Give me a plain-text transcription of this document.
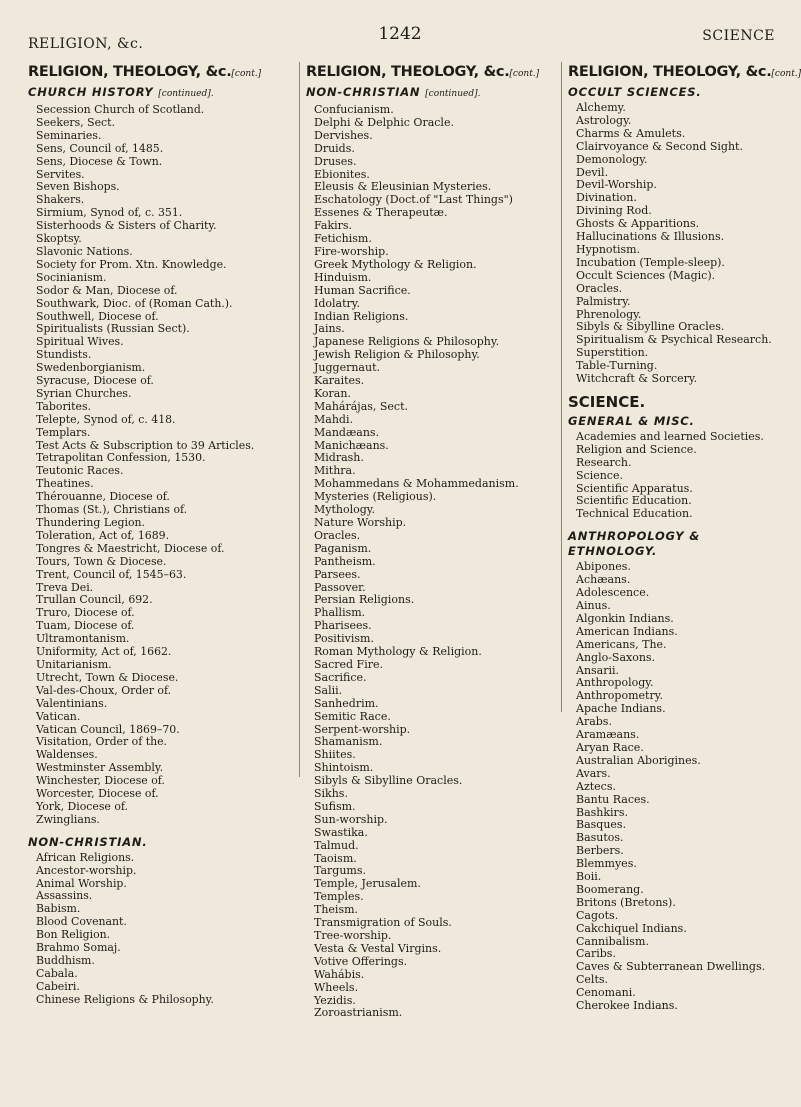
RELIGION, &c.	1242	SCIENCE
RELIGION, THEOLOGY, &c.[cont.]
CHURCH HISTORY [continued].
Secession Church of Scotland.
Seekers, Sect.
Seminaries.
Sens, Council of, 1485.
Sens, Diocese & Town.
Servites.
Seven Bishops.
Shakers.
Sirmium, Synod of, c. 351.
Sisterhoods & Sisters of Charity.
Skoptsy.
Slavonic Nations.
Society for Prom. Xtn. Knowledge.
Socinianism.
Sodor & Man, Diocese of.
Southwark, Dioc. of (Roman Cath.).
Southwell, Diocese of.
Spiritualists (Russian Sect).
Spiritual Wives.
Stundists.
Swedenborgianism.
Syracuse, Diocese of.
Syrian Churches.
Taborites.
Telepte, Synod of, c. 418.
Templars.
Test Acts & Subscription to 39 Articles.
Tetrapolitan Confession, 1530.
Teutonic Races.
Theatines.
Thérouanne, Diocese of.
Thomas (St.), Christians of.
Thundering Legion.
Toleration, Act of, 1689.
Tongres & Maestricht, Diocese of.
Tours, Town & Diocese.
Trent, Council of, 1545–63.
Treva Dei.
Trullan Council, 692.
Truro, Diocese of.
Tuam, Diocese of.
Ultramontanism.
Uniformity, Act of, 1662.
Unitarianism.
Utrecht, Town & Diocese.
Val-des-Choux, Order of.
Valentinians.
Vatican.
Vatican Council, 1869–70.
Visitation, Order of the.
Waldenses.
Westminster Assembly.
Winchester, Diocese of.
Worcester, Diocese of.
York, Diocese of.
Zwinglians.
NON-CHRISTIAN.
African Religions.
Ancestor-worship.
Animal Worship.
Assassins.
Babism.
Blood Covenant.
Bon Religion.
Brahmo Somaj.
Buddhism.
Cabala.
Cabeiri.
Chinese Religions & Philosophy.
RELIGION, THEOLOGY, &c.[cont.]
NON-CHRISTIAN [continued].
Confucianism.
Delphi & Delphic Oracle.
Dervishes.
Druids.
Druses.
Ebionites.
Eleusis & Eleusinian Mysteries.
Eschatology (Doct.of "Last Things")
Essenes & Therapeutæ.
Fakirs.
Fetichism.
Fire-worship.
Greek Mythology & Religion.
Hinduism.
Human Sacrifice.
Idolatry.
Indian Religions.
Jains.
Japanese Religions & Philosophy.
Jewish Religion & Philosophy.
Juggernaut.
Karaites.
Koran.
Mahárájas, Sect.
Mahdi.
Mandæans.
Manichæans.
Midrash.
Mithra.
Mohammedans & Mohammedanism.
Mysteries (Religious).
Mythology.
Nature Worship.
Oracles.
Paganism.
Pantheism.
Parsees.
Passover.
Persian Religions.
Phallism.
Pharisees.
Positivism.
Roman Mythology & Religion.
Sacred Fire.
Sacrifice.
Salii.
Sanhedrim.
Semitic Race.
Serpent-worship.
Shamanism.
Shiites.
Shintoism.
Sibyls & Sibylline Oracles.
Sikhs.
Sufism.
Sun-worship.
Swastika.
Talmud.
Taoism.
Targums.
Temple, Jerusalem.
Temples.
Theism.
Transmigration of Souls.
Tree-worship.
Vesta & Vestal Virgins.
Votive Offerings.
Wahábis.
Wheels.
Yezidis.
Zoroastrianism.
RELIGION, THEOLOGY, &c.[cont.]
OCCULT SCIENCES.
Alchemy.
Astrology.
Charms & Amulets.
Clairvoyance & Second Sight.
Demonology.
Devil.
Devil-Worship.
Divination.
Divining Rod.
Ghosts & Apparitions.
Hallucinations & Illusions.
Hypnotism.
Incubation (Temple-sleep).
Occult Sciences (Magic).
Oracles.
Palmistry.
Phrenology.
Sibyls & Sibylline Oracles.
Spiritualism & Psychical Research.
Superstition.
Table-Turning.
Witchcraft & Sorcery.
SCIENCE.
GENERAL & MISC.
Academies and learned Societies.
Religion and Science.
Research.
Science.
Scientific Apparatus.
Scientific Education.
Technical Education.
ANTHROPOLOGY & ETHNOLOGY.
Abipones.
Achæans.
Adolescence.
Ainus.
Algonkin Indians.
American Indians.
Americans, The.
Anglo-Saxons.
Ansarii.
Anthropology.
Anthropometry.
Apache Indians.
Arabs.
Aramæans.
Aryan Race.
Australian Aborigines.
Avars.
Aztecs.
Bantu Races.
Bashkirs.
Basques.
Basutos.
Berbers.
Blemmyes.
Boii.
Boomerang.
Britons (Bretons).
Cagots.
Cakchiquel Indians.
Cannibalism.
Caribs.
Caves & Subterranean Dwellings.
Celts.
Cenomani.
Cherokee Indians.
